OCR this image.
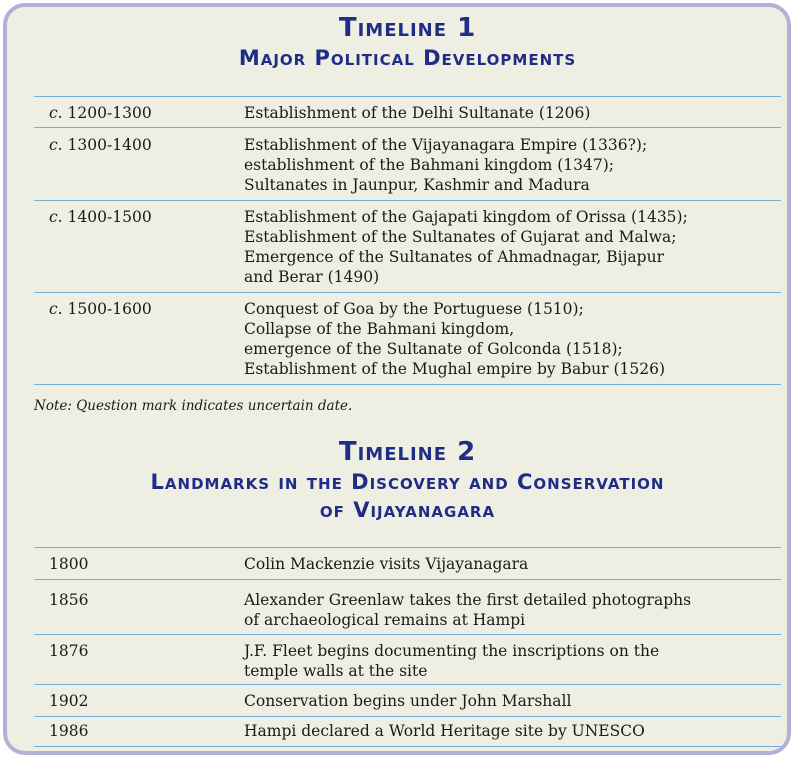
Timeline 1
Major Political Developments
c. 1200-1300	Establishment of the Delhi Sultanate (1206)
c. 1300-1400	Establishment of the Vijayanagara Empire (1336?);
establishment of the Bahmani kingdom (1347);
Sultanates in Jaunpur, Kashmir and Madura
c. 1400-1500	Establishment of the Gajapati kingdom of Orissa (1435);
Establishment of the Sultanates of Gujarat and Malwa;
Emergence of the Sultanates of Ahmadnagar, Bijapur
and Berar (1490)
c. 1500-1600	Conquest of Goa by the Portuguese (1510);
Collapse of the Bahmani kingdom,
emergence of the Sultanate of Golconda (1518);
Establishment of the Mughal empire by Babur (1526)
Note: Question mark indicates uncertain date.
Timeline 2
Landmarks in the Discovery and Conservation
of Vijayanagara
1800	Colin Mackenzie visits Vijayanagara
1856	Alexander Greenlaw takes the first detailed photographs
of archaeological remains at Hampi
1876	J.F. Fleet begins documenting the inscriptions on the
temple walls at the site
1902	Conservation begins under John Marshall
1986	Hampi declared a World Heritage site by UNESCO
